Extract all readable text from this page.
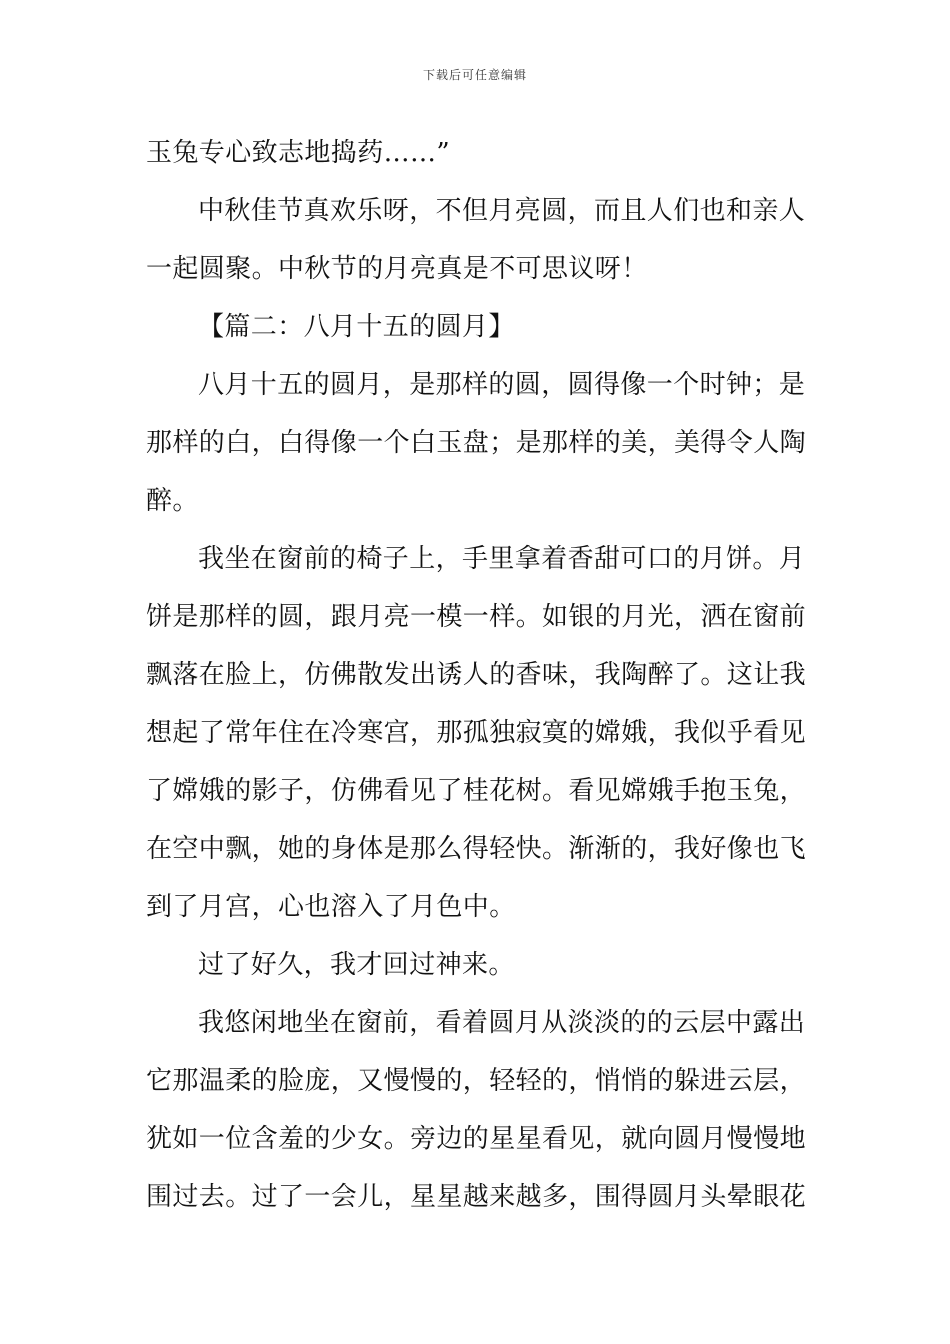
下载后可任意编辑
玉兔专心致志地捣药……”
中秋佳节真欢乐呀，不但月亮圆，而且人们也和亲人
一起圆聚。中秋节的月亮真是不可思议呀！
【篇二：八月十五的圆月】
八月十五的圆月，是那样的圆，圆得像一个时钟；是
那样的白，白得像一个白玉盘；是那样的美，美得令人陶
醉。
我坐在窗前的椅子上，手里拿着香甜可口的月饼。月
饼是那样的圆，跟月亮一模一样。如银的月光，洒在窗前
飘落在脸上，仿佛散发出诱人的香味，我陶醉了。这让我
想起了常年住在冷寒宫，那孤独寂寞的嫦娥，我似乎看见
了嫦娥的影子，仿佛看见了桂花树。看见嫦娥手抱玉兔，
在空中飘，她的身体是那么得轻快。渐渐的，我好像也飞
到了月宫，心也溶入了月色中。
过了好久，我才回过神来。
我悠闲地坐在窗前，看着圆月从淡淡的的云层中露出
它那温柔的脸庞，又慢慢的，轻轻的，悄悄的躲进云层，
犹如一位含羞的少女。旁边的星星看见，就向圆月慢慢地
围过去。过了一会儿，星星越来越多，围得圆月头晕眼花
